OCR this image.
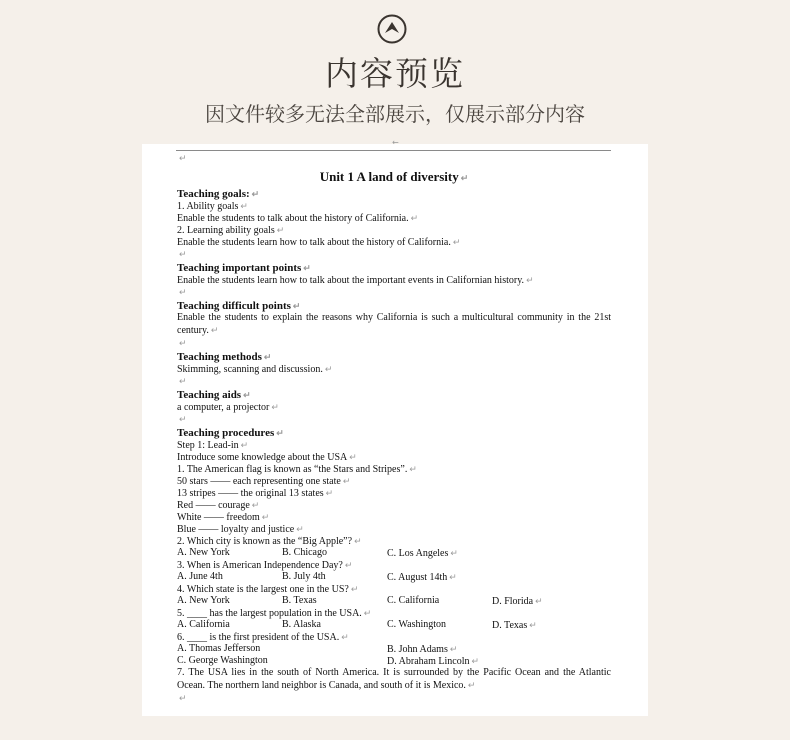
内容预览
因文件较多无法全部展示，仅展示部分内容
←
↵
Unit 1 A land of diversity ↵
Teaching goals: ↵
1. Ability goals ↵
Enable the students to talk about the history of California. ↵
2. Learning ability goals ↵
Enable the students learn how to talk about the history of California. ↵
↵
Teaching important points ↵
Enable the students learn how to talk about the important events in Californian history. ↵
↵
Teaching difficult points ↵
Enable the students to explain the reasons why California is such a multicultural community in the 21st century. ↵
↵
Teaching methods ↵
Skimming, scanning and discussion. ↵
↵
Teaching aids ↵
a computer, a projector ↵
↵
Teaching procedures ↵
Step 1: Lead-in ↵
Introduce some knowledge about the USA ↵
1. The American flag is known as “the Stars and Stripes”. ↵
50 stars —— each representing one state ↵
13 stripes —— the original 13 states ↵
Red —— courage ↵
White —— freedom ↵
Blue —— loyalty and justice ↵
2. Which city is known as the “Big Apple”? ↵
A. New York	B. Chicago	C. Los Angeles ↵
3. When is American Independence Day? ↵
A. June 4th	B. July 4th	C. August 14th ↵
4. Which state is the largest one in the US? ↵
A. New York	B. Texas	C. California	D. Florida ↵
5. ____ has the largest population in the USA. ↵
A. California	B. Alaska	C. Washington	D. Texas ↵
6. ____ is the first president of the USA. ↵
A. Thomas Jefferson	B. John Adams ↵
C. George Washington	D. Abraham Lincoln ↵
7. The USA lies in the south of North America. It is surrounded by the Pacific Ocean and the Atlantic Ocean. The northern land neighbor is Canada, and south of it is Mexico. ↵
↵
